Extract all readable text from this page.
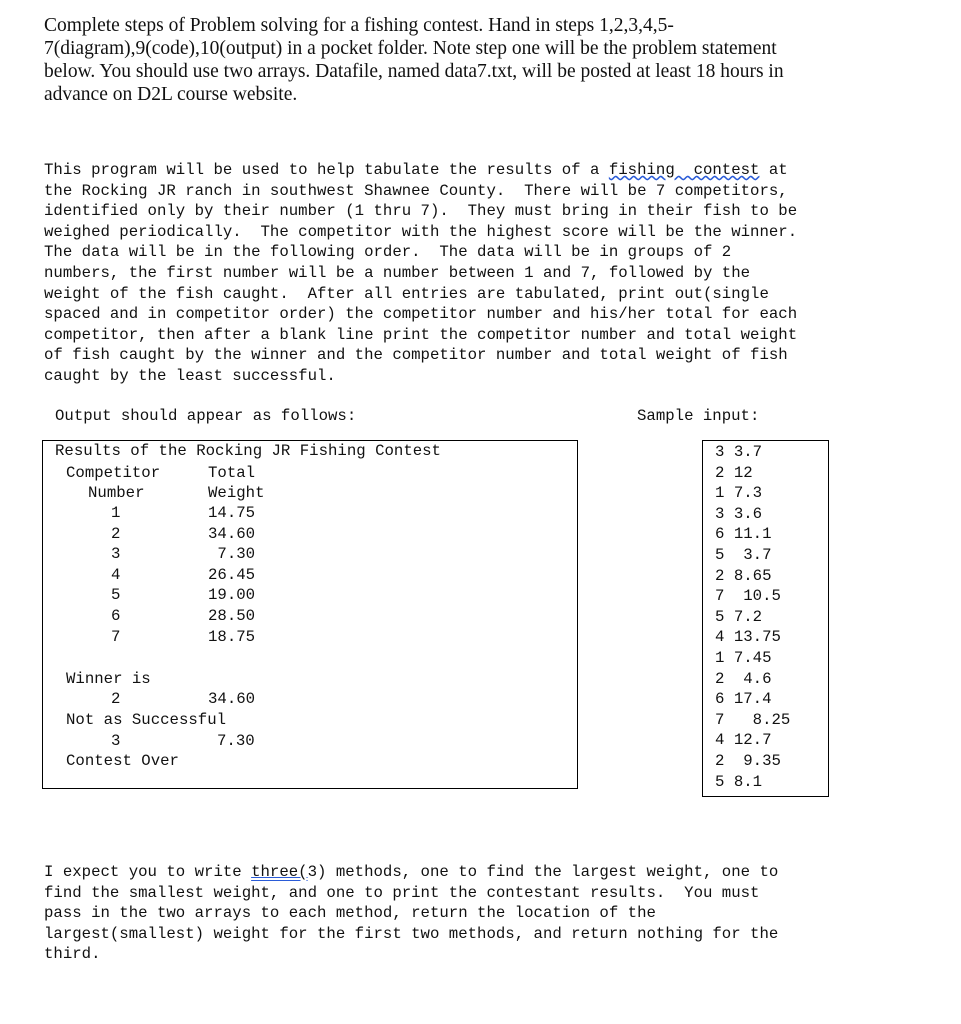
Complete steps of Problem solving for a fishing contest. Hand in steps 1,2,3,4,5-
7(diagram),9(code),10(output) in a pocket folder. Note step one will be the problem statement
below. You should use two arrays. Datafile, named data7.txt, will be posted at least 18 hours in
advance on D2L course website.
This program will be used to help tabulate the results of a fishing  contest at
the Rocking JR ranch in southwest Shawnee County.  There will be 7 competitors,
identified only by their number (1 thru 7).  They must bring in their fish to be
weighed periodically.  The competitor with the highest score will be the winner.
The data will be in the following order.  The data will be in groups of 2
numbers, the first number will be a number between 1 and 7, followed by the
weight of the fish caught.  After all entries are tabulated, print out(single
spaced and in competitor order) the competitor number and his/her total for each
competitor, then after a blank line print the competitor number and total weight
of fish caught by the winner and the competitor number and total weight of fish
caught by the least successful.
Output should appear as follows:	Sample input:
Results of the Rocking JR Fishing Contest
Competitor	Total
Number	Weight
1	14.75
2	34.60
3	7.30
4	26.45
5	19.00
6	28.50
7	18.75
Winner is
2	34.60
Not as Successful
3	7.30
Contest Over
3 3.7
2 12
1 7.3
3 3.6
6 11.1
5  3.7
2 8.65
7  10.5
5 7.2
4 13.75
1 7.45
2  4.6
6 17.4
7   8.25
4 12.7
2  9.35
5 8.1
I expect you to write three(3) methods, one to find the largest weight, one to
find the smallest weight, and one to print the contestant results.  You must
pass in the two arrays to each method, return the location of the
largest(smallest) weight for the first two methods, and return nothing for the
third.
